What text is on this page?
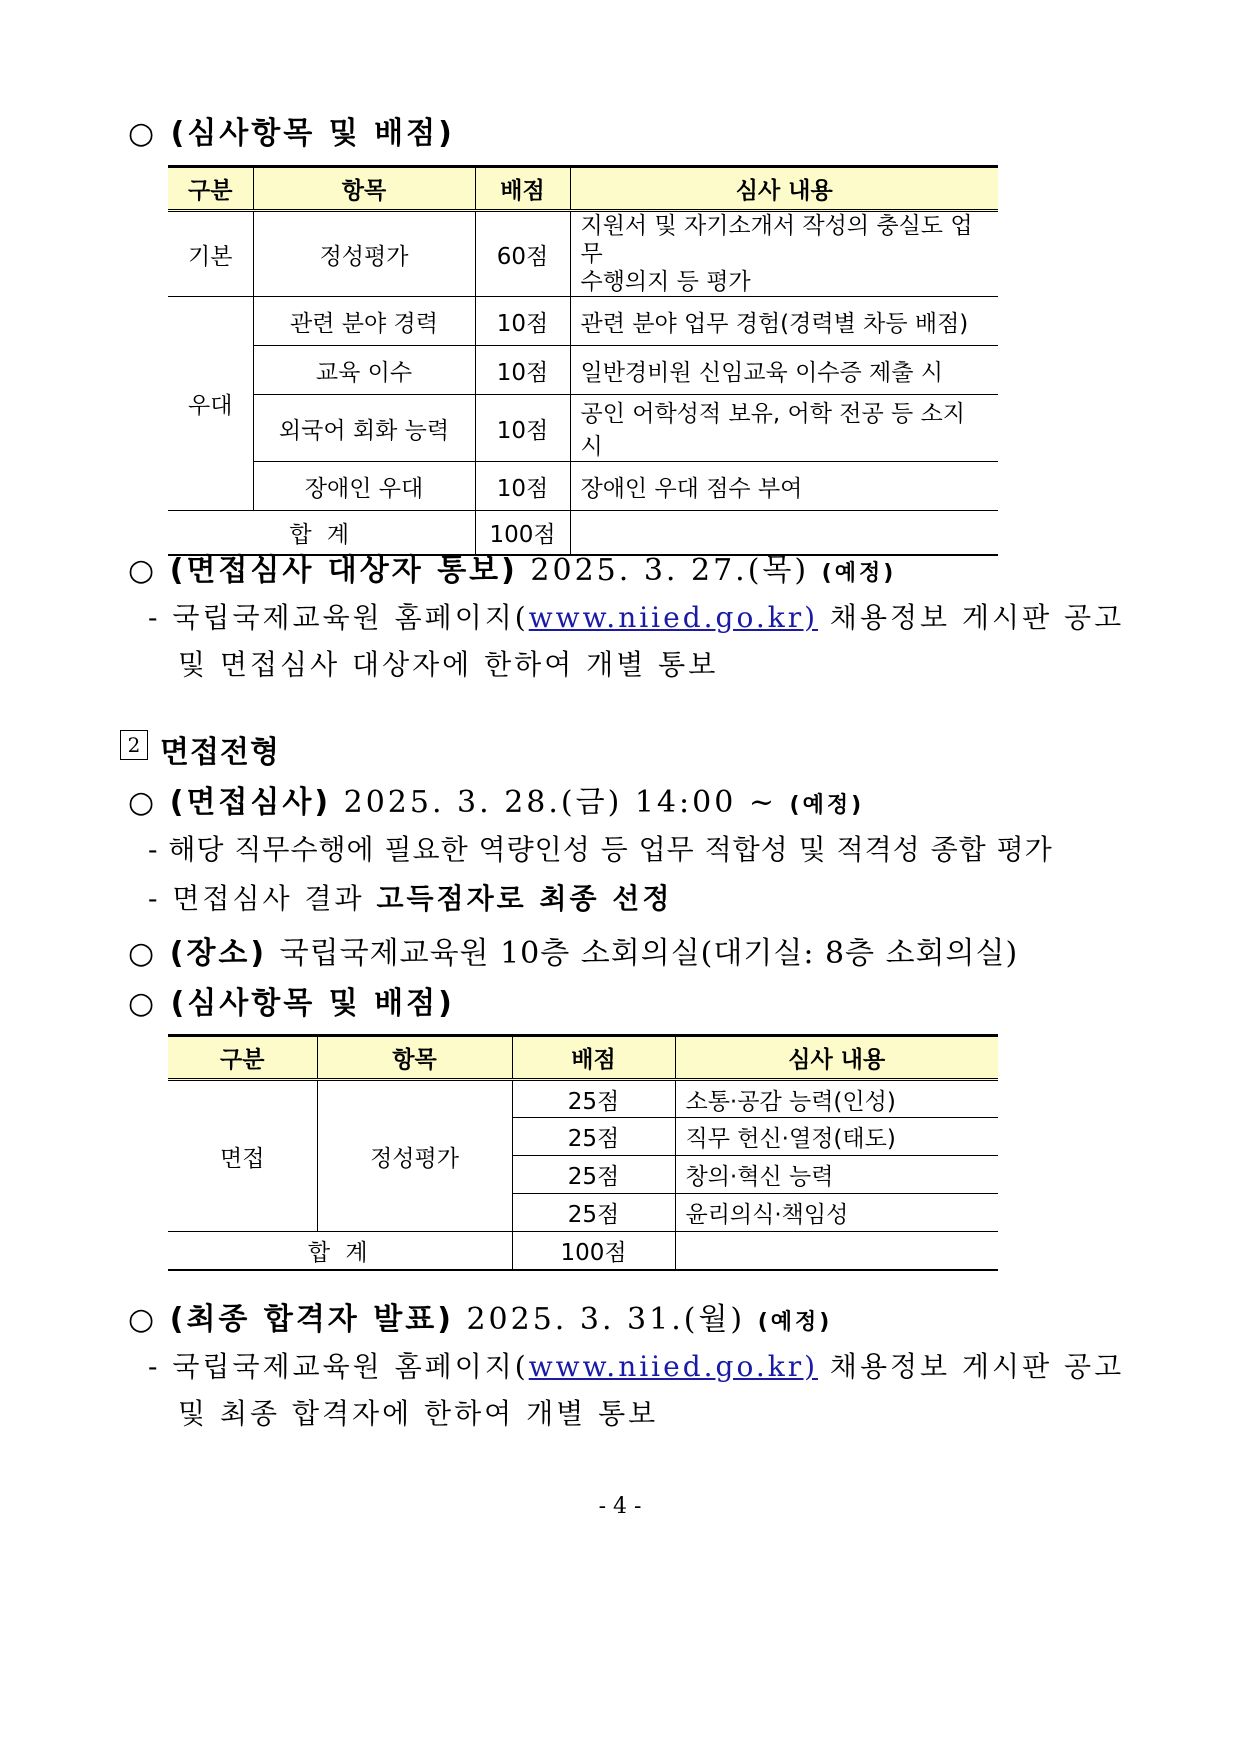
○ (심사항목 및 배점)
구분	항목	배점	심사 내용
기본	정성평가	60점	지원서 및 자기소개서 작성의 충실도 업무
수행의지 등 평가

우대	관련 분야 경력	10점	관련 분야 업무 경험(경력별 차등 배점)
	교육 이수	10점	일반경비원 신임교육 이수증 제출 시
	외국어 회화 능력	10점	공인 어학성적 보유, 어학 전공 등 소지 시
	장애인 우대	10점	장애인 우대 점수 부여
합 계		100점	
○ (면접심사 대상자 통보) 2025. 3. 27.(목) (예정)
- 국립국제교육원 홈페이지(www.niied.go.kr) 채용정보 게시판 공고
및 면접심사 대상자에 한하여 개별 통보
2 면접전형
○ (면접심사) 2025. 3. 28.(금) 14:00 ~ (예정)
- 해당 직무수행에 필요한 역량인성 등 업무 적합성 및 적격성 종합 평가
- 면접심사 결과 고득점자로 최종 선정
○ (장소) 국립국제교육원 10층 소회의실(대기실: 8층 소회의실)
○ (심사항목 및 배점)
구분	항목	배점	심사 내용
면접	정성평가	25점	소통·공감 능력(인성)
		25점	직무 헌신·열정(태도)
		25점	창의·혁신 능력
		25점	윤리의식·책임성
합 계		100점	
○ (최종 합격자 발표) 2025. 3. 31.(월) (예정)
- 국립국제교육원 홈페이지(www.niied.go.kr) 채용정보 게시판 공고
및 최종 합격자에 한하여 개별 통보
- 4 -
